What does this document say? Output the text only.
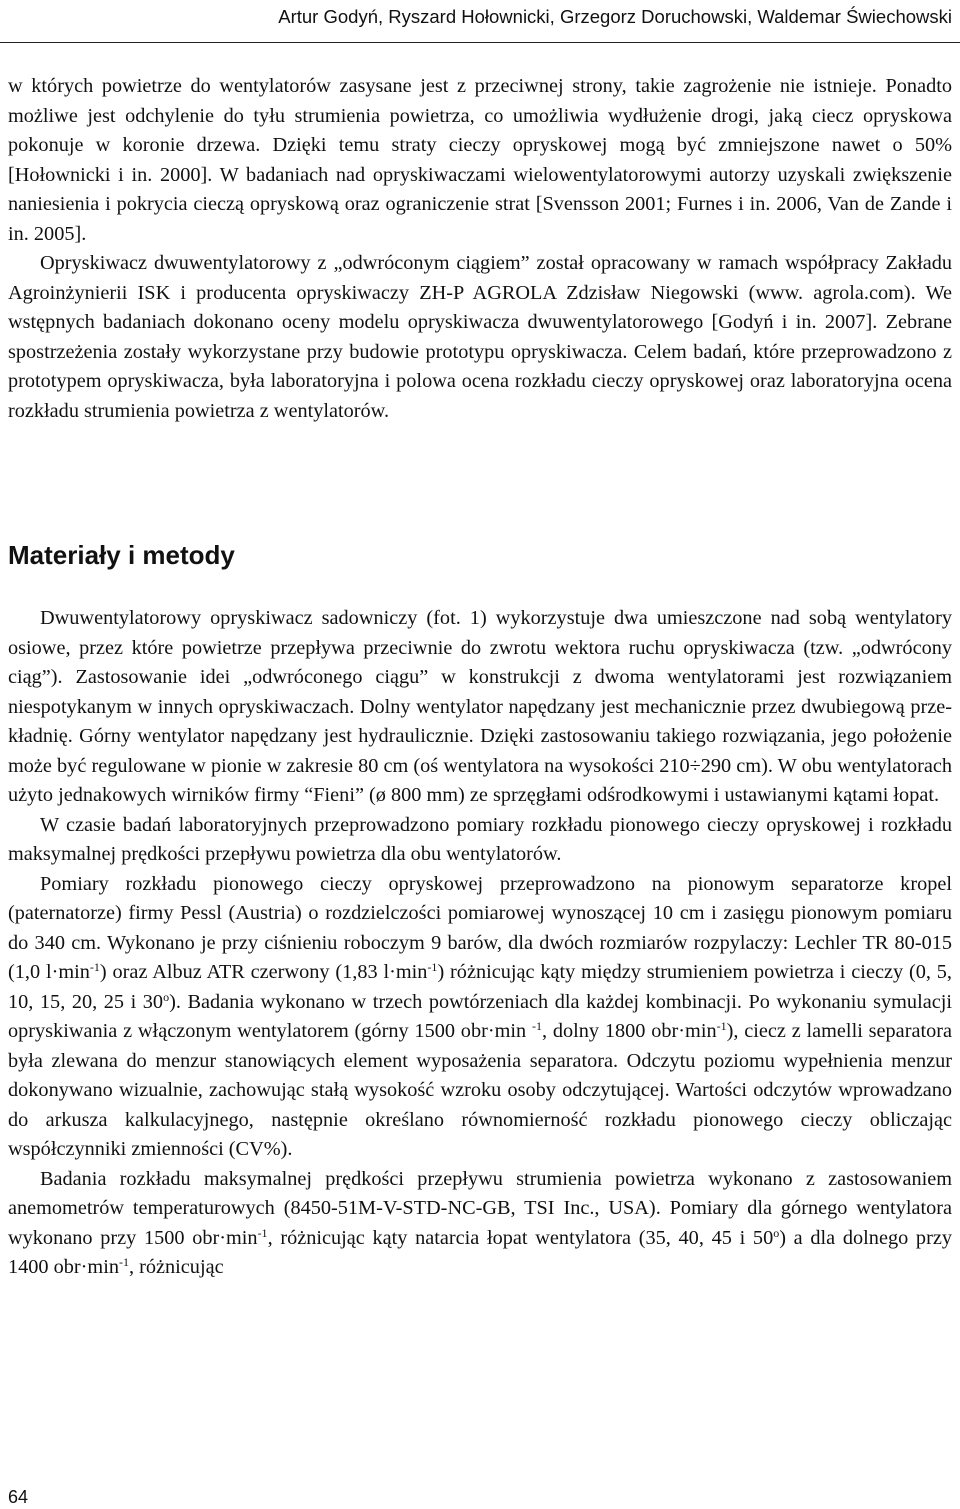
Artur Godyń, Ryszard Hołownicki, Grzegorz Doruchowski, Waldemar Świechowski

w których powietrze do wentylatorów zasysane jest z przeciwnej strony, takie zagrożenie nie istnieje. Ponadto możliwe jest odchylenie do tyłu strumienia powietrza, co umożliwia wydłużenie drogi, jaką ciecz opryskowa pokonuje w koronie drzewa. Dzięki temu straty cieczy opryskowej mogą być zmniejszone nawet o 50% [Hołownicki i in. 2000]. W badaniach nad opryskiwaczami wielowentylatorowymi autorzy uzyskali zwiększenie naniesienia i pokrycia cieczą opryskową oraz ograniczenie strat [Svensson 2001; Furnes i in. 2006, Van de Zande i in. 2005].

Opryskiwacz dwuwentylatorowy z „odwróconym ciągiem” został opracowany w ramach współpracy Zakładu Agroinżynierii ISK i producenta opryskiwaczy ZH-P AGROLA Zdzisław Niegowski (www. agrola.com). We wstępnych badaniach dokonano oceny modelu opryskiwacza dwuwentylatorowego [Godyń i in. 2007]. Zebrane spostrzeżenia zostały wykorzystane przy budowie prototypu opryskiwacza. Celem badań, które przeprowadzono z prototypem opryskiwacza, była laboratoryjna i polowa ocena rozkładu cieczy opryskowej oraz laboratoryjna ocena rozkładu strumienia powietrza z wentylatorów.

Materiały i metody

Dwuwentylatorowy opryskiwacz sadowniczy (fot. 1) wykorzystuje dwa umieszczone nad sobą wentylatory osiowe, przez które powietrze przepływa przeciwnie do zwrotu wektora ruchu opryskiwacza (tzw. „odwrócony ciąg”). Zastosowanie idei „odwróconego ciągu” w konstrukcji z dwoma wentylatorami jest rozwiązaniem niespotykanym w innych opryskiwaczach. Dolny wentylator napędzany jest mechanicznie przez dwubiegową przekładnię. Górny wentylator napędzany jest hydraulicznie. Dzięki zastosowaniu takiego rozwiązania, jego położenie może być regulowane w pionie w zakresie 80 cm (oś wentylatora na wysokości 210÷290 cm). W obu wentylatorach użyto jednakowych wirników firmy “Fieni” (ø 800 mm) ze sprzęgłami odśrodkowymi i ustawianymi kątami łopat.

W czasie badań laboratoryjnych przeprowadzono pomiary rozkładu pionowego cieczy opryskowej i rozkładu maksymalnej prędkości przepływu powietrza dla obu wentylatorów.

Pomiary rozkładu pionowego cieczy opryskowej przeprowadzono na pionowym separatorze kropel (paternatorze) firmy Pessl (Austria) o rozdzielczości pomiarowej wynoszącej 10 cm i zasięgu pionowym pomiaru do 340 cm. Wykonano je przy ciśnieniu roboczym 9 barów, dla dwóch rozmiarów rozpylaczy: Lechler TR 80-015 (1,0 $l\cdot\min^{-1}$) oraz Albuz ATR czerwony (1,83 $l\cdot\min^{-1}$) różnicując kąty między strumieniem powietrza i cieczy (0, 5, 10, 15, 20, 25 i 30$^o$). Badania wykonano w trzech powtórzeniach dla każdej kombinacji. Po wykonaniu symulacji opryskiwania z włączonym wentylatorem (górny 1500 obr·min $^{-1}$, dolny 1800 $obr\cdot\min^{-1}$), ciecz z lamelli separatora była zlewana do menzur stanowiących element wyposażenia separatora. Odczytu poziomu wypełnienia menzur dokonywano wizualnie, zachowując stałą wysokość wzroku osoby odczytującej. Wartości odczytów wprowadzano do arkusza kalkulacyjnego, następnie określano równomierność rozkładu pionowego cieczy obliczając współczynniki zmienności (CV%).

Badania rozkładu maksymalnej prędkości przepływu strumienia powietrza wykonano z zastosowaniem anemometrów temperaturowych (8450-51M-V-STD-NC-GB, TSI Inc., USA). Pomiary dla górnego wentylatora wykonano przy 1500 $obr\cdot\min^{-1}$, różnicując kąty natarcia łopat wentylatora (35, 40, 45 i 50$^o$) a dla dolnego przy 1400 $obr\cdot\min^{-1}$, różnicując

64
